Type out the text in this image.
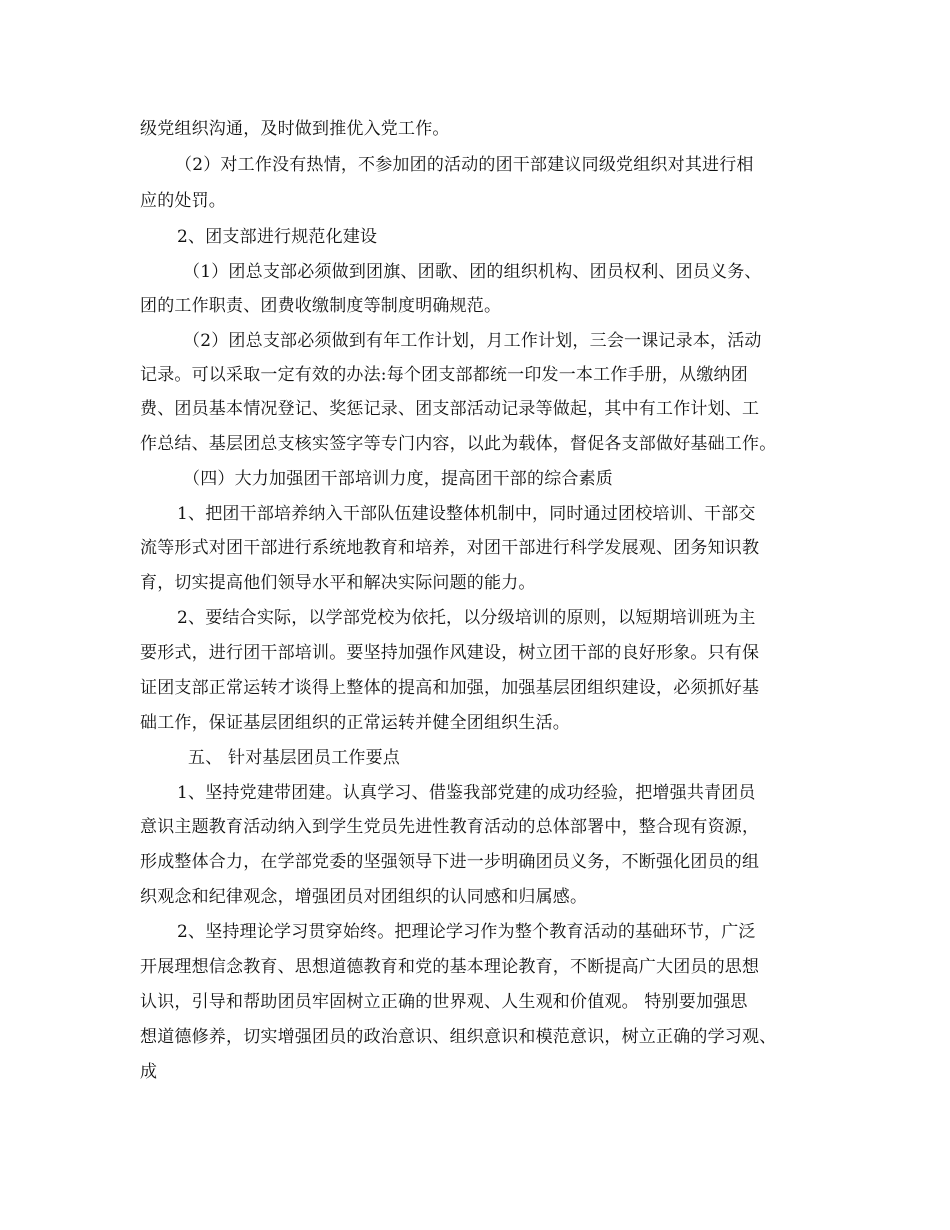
级党组织沟通，及时做到推优入党工作。
（2）对工作没有热情，不参加团的活动的团干部建议同级党组织对其进行相
应的处罚。
2、团支部进行规范化建设
（1）团总支部必须做到团旗、团歌、团的组织机构、团员权利、团员义务、
团的工作职责、团费收缴制度等制度明确规范。
（2）团总支部必须做到有年工作计划，月工作计划，三会一课记录本，活动
记录。可以采取一定有效的办法:每个团支部都统一印发一本工作手册，从缴纳团
费、团员基本情况登记、奖惩记录、团支部活动记录等做起，其中有工作计划、工
作总结、基层团总支核实签字等专门内容，以此为载体，督促各支部做好基础工作。
（四）大力加强团干部培训力度，提高团干部的综合素质
1、把团干部培养纳入干部队伍建设整体机制中，同时通过团校培训、干部交
流等形式对团干部进行系统地教育和培养，对团干部进行科学发展观、团务知识教
育，切实提高他们领导水平和解决实际问题的能力。
2、要结合实际，以学部党校为依托，以分级培训的原则，以短期培训班为主
要形式，进行团干部培训。要坚持加强作风建设，树立团干部的良好形象。只有保
证团支部正常运转才谈得上整体的提高和加强，加强基层团组织建设，必须抓好基
础工作，保证基层团组织的正常运转并健全团组织生活。
五、 针对基层团员工作要点
1、坚持党建带团建。认真学习、借鉴我部党建的成功经验，把增强共青团员
意识主题教育活动纳入到学生党员先进性教育活动的总体部署中，整合现有资源，
形成整体合力，在学部党委的坚强领导下进一步明确团员义务，不断强化团员的组
织观念和纪律观念，增强团员对团组织的认同感和归属感。
2、坚持理论学习贯穿始终。把理论学习作为整个教育活动的基础环节，广泛
开展理想信念教育、思想道德教育和党的基本理论教育，不断提高广大团员的思想
认识，引导和帮助团员牢固树立正确的世界观、人生观和价值观。 特别要加强思
想道德修养，切实增强团员的政治意识、组织意识和模范意识，树立正确的学习观、
成
